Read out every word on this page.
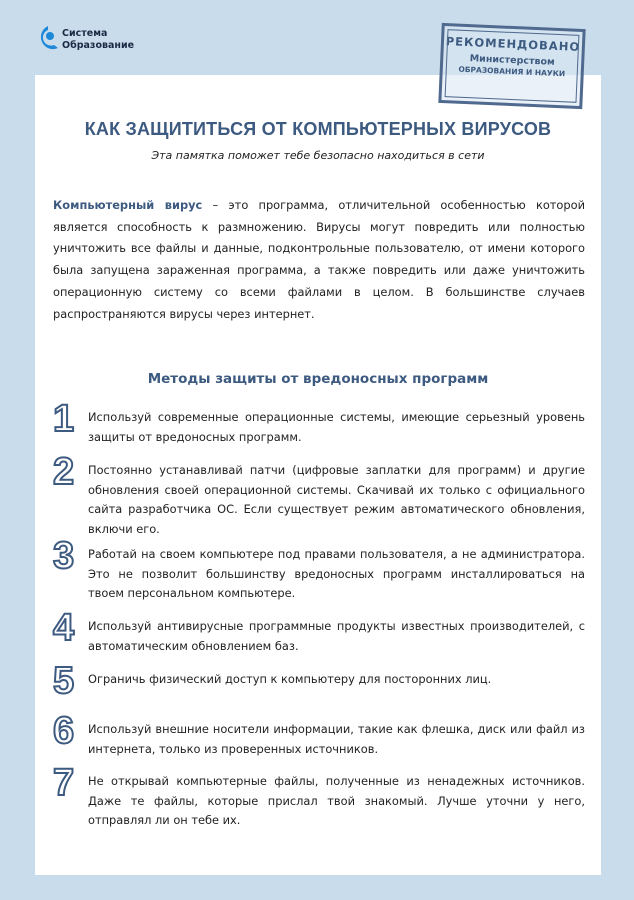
Система
Образование
КАК ЗАЩИТИТЬСЯ ОТ КОМПЬЮТЕРНЫХ ВИРУСОВ
Эта памятка поможет тебе безопасно находиться в сети
Компьютерный вирус – это программа, отличительной особенностью которой является способность к размножению. Вирусы могут повредить или полностью уничтожить все файлы и данные, подконтрольные пользователю, от имени которого была запущена зараженная программа, а также повредить или даже уничтожить операционную систему со всеми файлами в целом. В большинстве случаев распространяются вирусы через интернет.
Методы защиты от вредоносных программ
1	Используй современные операционные системы, имеющие серьезный уровень защиты от вредоносных программ.
2	Постоянно устанавливай патчи (цифровые заплатки для программ) и другие обновления своей операционной системы. Скачивай их только с официального сайта разработчика ОС. Если существует режим автоматического обновления, включи его.
3	Работай на своем компьютере под правами пользователя, а не администратора. Это не позволит большинству вредоносных программ инсталлироваться на твоем персональном компьютере.
4	Используй антивирусные программные продукты известных производителей, с автоматическим обновлением баз.
5	Ограничь физический доступ к компьютеру для посторонних лиц.
6	Используй внешние носители информации, такие как флешка, диск или файл из интернета, только из проверенных источников.
7	Не открывай компьютерные файлы, полученные из ненадежных источников. Даже те файлы, которые прислал твой знакомый. Лучше уточни у него, отправлял ли он тебе их.
РЕКОМЕНДОВАНО
Министерством
ОБРАЗОВАНИЯ И НАУКИ
